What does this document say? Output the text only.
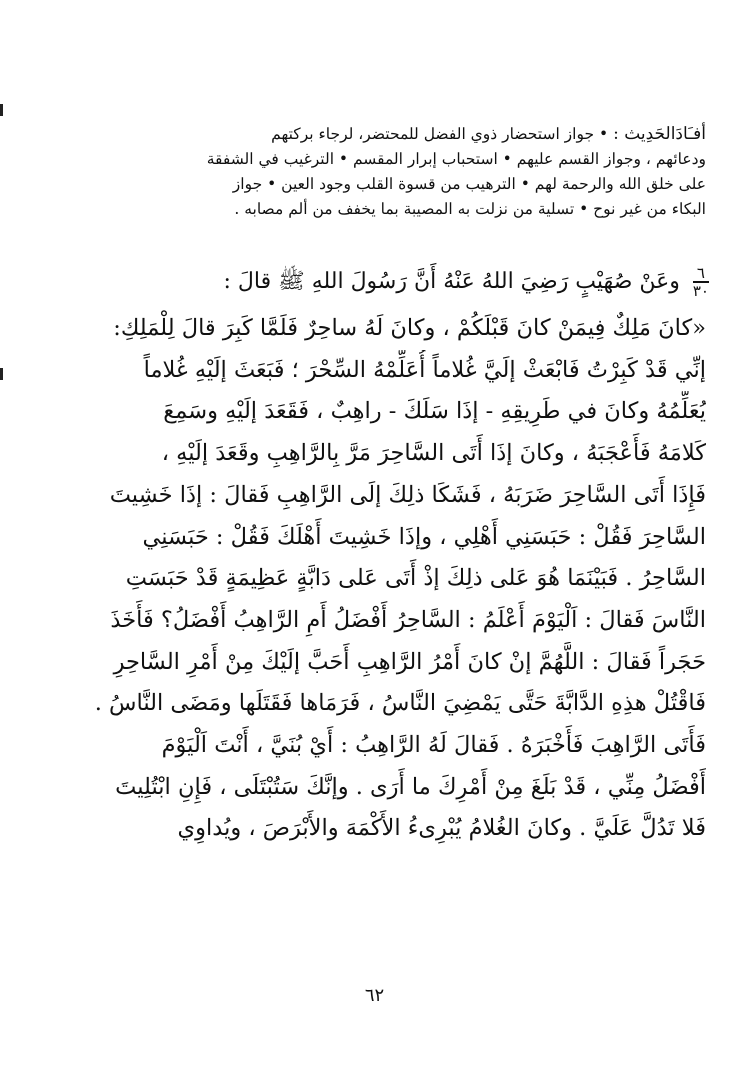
أفـَادَالحَدِيث : • جواز استحضار ذوي الفضل للمحتضر، لرجاء بركتهم
ودعائهم ، وجواز القسم عليهم • استحباب إبرار المقسم • الترغيب في الشفقة
على خلق الله والرحمة لهم • الترهيب من قسوة القلب وجود العين • جواز
البكاء من غير نوح • تسلية من نزلت به المصيبة بما يخفف من ألم مصابه .
٦
٣٠
وعَنْ صُهَيْبٍ رَضِيَ اللهُ عَنْهُ أَنَّ رَسُولَ اللهِ ﷺ قالَ :
«كانَ مَلِكٌ فِيمَنْ كانَ قَبْلَكُمْ ، وكانَ لَهُ ساحِرٌ فَلَمَّا كَبِرَ قالَ لِلْمَلِكِ:
إنِّي قَدْ كَبِرْتُ فَابْعَثْ إلَيَّ غُلاماً أُعَلِّمْهُ السِّحْرَ ؛ فَبَعَثَ إلَيْهِ غُلاماً
يُعَلِّمُهُ وكانَ في طَرِيقِهِ - إذَا سَلَكَ - راهِبٌ ، فَقَعَدَ إلَيْهِ وسَمِعَ
كَلامَهُ فَأَعْجَبَهُ ، وكانَ إذَا أَتَى السَّاحِرَ مَرَّ بِالرَّاهِبِ وقَعَدَ إلَيْهِ ،
فَإِذَا أَتَى السَّاحِرَ ضَرَبَهُ ، فَشَكَا ذلِكَ إلَى الرَّاهِبِ فَقالَ : إذَا خَشِيتَ
السَّاحِرَ فَقُلْ : حَبَسَنِي أَهْلِي ، وإذَا خَشِيتَ أَهْلَكَ فَقُلْ : حَبَسَنِي
السَّاحِرُ . فَبَيْنَمَا هُوَ عَلى ذلِكَ إذْ أَتَى عَلى دَابَّةٍ عَظِيمَةٍ قَدْ حَبَسَتِ
النَّاسَ فَقالَ : اَلْيَوْمَ أَعْلَمُ : السَّاحِرُ أَفْضَلُ أَمِ الرَّاهِبُ أَفْضَلُ؟ فَأَخَذَ
حَجَراً فَقالَ : اللَّهُمَّ إنْ كانَ أَمْرُ الرَّاهِبِ أَحَبَّ إلَيْكَ مِنْ أَمْرِ السَّاحِرِ
فَاقْتُلْ هذِهِ الدَّابَّةَ حَتَّى يَمْضِيَ النَّاسُ ، فَرَمَاها فَقَتَلَها ومَضَى النَّاسُ .
فَأَتَى الرَّاهِبَ فَأَخْبَرَهُ . فَقالَ لَهُ الرَّاهِبُ : أَيْ بُنَيَّ ، أَنْتَ اَلْيَوْمَ
أَفْضَلُ مِنِّي ، قَدْ بَلَغَ مِنْ أَمْرِكَ ما أَرَى . وإنَّكَ سَتُبْتَلَى ، فَإِنِ ابْتُلِيتَ
فَلا تَدُلَّ عَلَيَّ . وكانَ الغُلامُ يُبْرِىءُ الأَكْمَهَ والأَبْرَصَ ، ويُداوِي
٦٢
